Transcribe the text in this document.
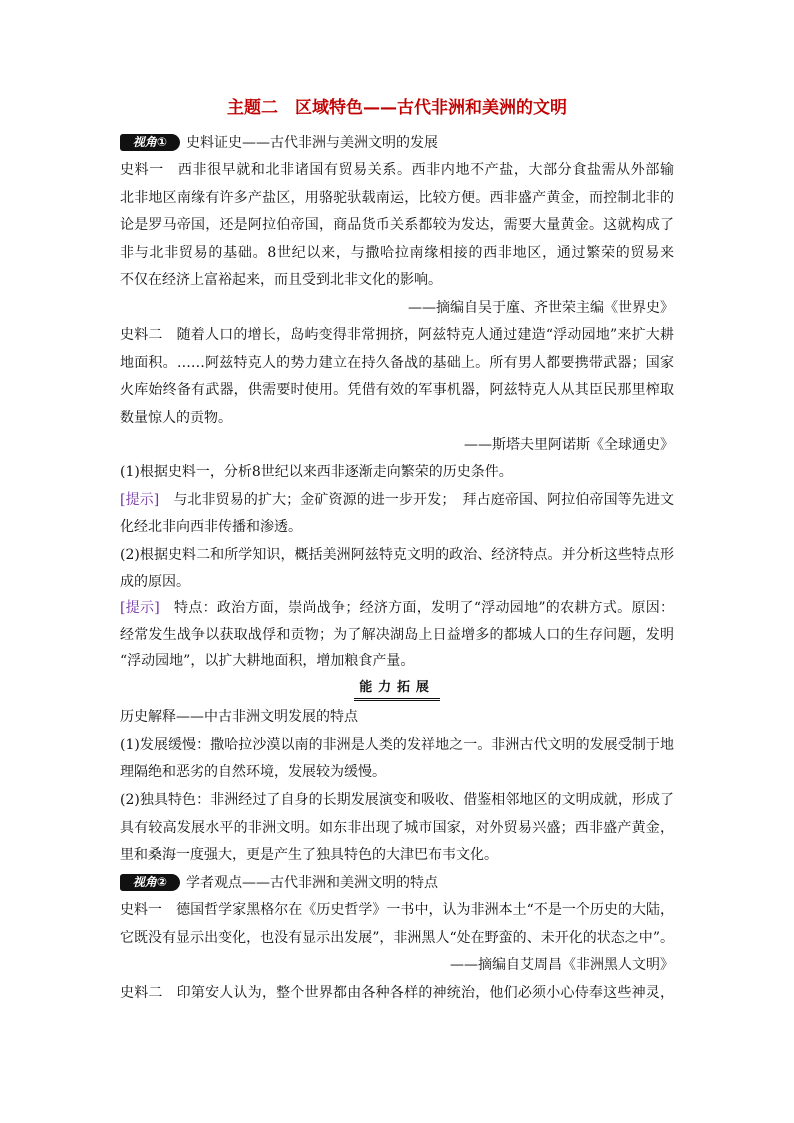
主题二　区域特色——古代非洲和美洲的文明
视角①	史料证史——古代非洲与美洲文明的发展
史料一 西非很早就和北非诸国有贸易关系。西非内地不产盐，大部分食盐需从外部输
北非地区南缘有许多产盐区，用骆驼驮载南运，比较方便。西非盛产黄金，而控制北非的
论是罗马帝国，还是阿拉伯帝国，商品货币关系都较为发达，需要大量黄金。这就构成了
非与北非贸易的基础。8世纪以来，与撒哈拉南缘相接的西非地区，通过繁荣的贸易来
不仅在经济上富裕起来，而且受到北非文化的影响。
——摘编自吴于廑、齐世荣主编《世界史》
史料二 随着人口的增长，岛屿变得非常拥挤，阿兹特克人通过建造“浮动园地”来扩大耕
地面积。……阿兹特克人的势力建立在持久备战的基础上。所有男人都要携带武器；国家
火库始终备有武器，供需要时使用。凭借有效的军事机器，阿兹特克人从其臣民那里榨取
数量惊人的贡物。
——斯塔夫里阿诺斯《全球通史》
(1)根据史料一，分析8世纪以来西非逐渐走向繁荣的历史条件。
[提示] 与北非贸易的扩大；金矿资源的进一步开发；　拜占庭帝国、阿拉伯帝国等先进文
化经北非向西非传播和渗透。
(2)根据史料二和所学知识，概括美洲阿兹特克文明的政治、经济特点。并分析这些特点形
成的原因。
[提示] 特点：政治方面，崇尚战争；经济方面，发明了“浮动园地”的农耕方式。原因：
经常发生战争以获取战俘和贡物；为了解决湖岛上日益增多的都城人口的生存问题，发明
“浮动园地”，以扩大耕地面积，增加粮食产量。
能力拓展
历史解释——中古非洲文明发展的特点
(1)发展缓慢：撒哈拉沙漠以南的非洲是人类的发祥地之一。非洲古代文明的发展受制于地
理隔绝和恶劣的自然环境，发展较为缓慢。
(2)独具特色：非洲经过了自身的长期发展演变和吸收、借鉴相邻地区的文明成就，形成了
具有较高发展水平的非洲文明。如东非出现了城市国家，对外贸易兴盛；西非盛产黄金，
里和桑海一度强大，更是产生了独具特色的大津巴布韦文化。
视角②	学者观点——古代非洲和美洲文明的特点
史料一 德国哲学家黑格尔在《历史哲学》一书中，认为非洲本土“不是一个历史的大陆，
它既没有显示出变化，也没有显示出发展”，非洲黑人“处在野蛮的、未开化的状态之中”。
——摘编自艾周昌《非洲黑人文明》
史料二 印第安人认为，整个世界都由各种各样的神统治，他们必须小心侍奉这些神灵，
